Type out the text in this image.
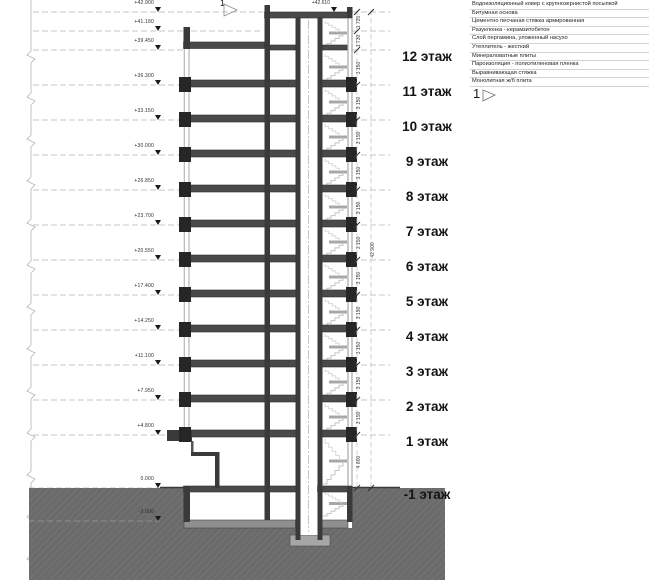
+42.610
1	Водоизоляционный ковер с крупнозернистой посыпкой
Битумная основа
Цементно песчаная стяжка армированная
Разуклонка - керамзитобетон
Слой пергамина, уложенный насухо
Утеплитель - жесткий
Минераловатные плиты
Пароизоляция - полиэтиленовая пленка
Выравнивающая стяжка
Монолитная ж/б плита
1
+42.900
+41.180
+39.450
+36.300
+33.150
+30.000
+26.850
+23.700
+20.550
+17.400
+14.250
+11.100
+7.950
+4.800
0.000
-3.000
12 этаж
11 этаж
10 этаж
9 этаж
8 этаж
7 этаж
6 этаж
5 этаж
4 этаж
3 этаж
2 этаж
1 этаж
-1 этаж
1 720
1 730
3 150
3 150
3 150
3 150
3 150
3 150
3 150
3 150
3 150
3 150
3 150
4 800
42 900
